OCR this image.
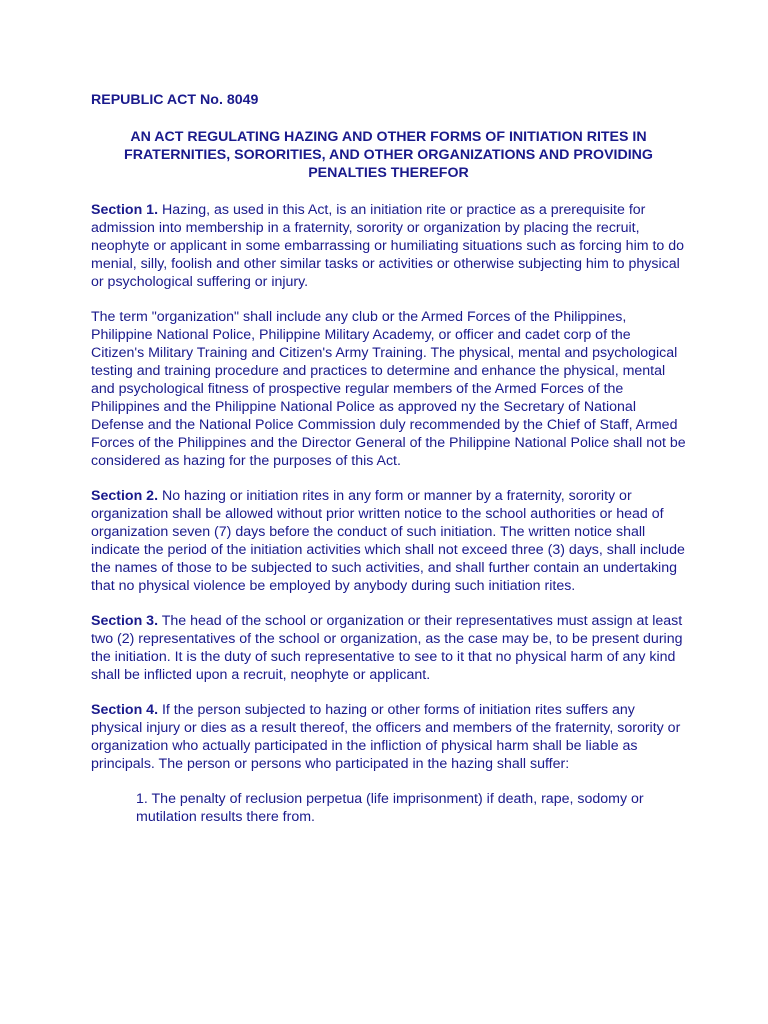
REPUBLIC ACT No. 8049
AN ACT REGULATING HAZING AND OTHER FORMS OF INITIATION RITES IN FRATERNITIES, SORORITIES, AND OTHER ORGANIZATIONS AND PROVIDING PENALTIES THEREFOR
Section 1. Hazing, as used in this Act, is an initiation rite or practice as a prerequisite for admission into membership in a fraternity, sorority or organization by placing the recruit, neophyte or applicant in some embarrassing or humiliating situations such as forcing him to do menial, silly, foolish and other similar tasks or activities or otherwise subjecting him to physical or psychological suffering or injury.
The term "organization" shall include any club or the Armed Forces of the Philippines, Philippine National Police, Philippine Military Academy, or officer and cadet corp of the Citizen's Military Training and Citizen's Army Training. The physical, mental and psychological testing and training procedure and practices to determine and enhance the physical, mental and psychological fitness of prospective regular members of the Armed Forces of the Philippines and the Philippine National Police as approved ny the Secretary of National Defense and the National Police Commission duly recommended by the Chief of Staff, Armed Forces of the Philippines and the Director General of the Philippine National Police shall not be considered as hazing for the purposes of this Act.
Section 2. No hazing or initiation rites in any form or manner by a fraternity, sorority or organization shall be allowed without prior written notice to the school authorities or head of organization seven (7) days before the conduct of such initiation. The written notice shall indicate the period of the initiation activities which shall not exceed three (3) days, shall include the names of those to be subjected to such activities, and shall further contain an undertaking that no physical violence be employed by anybody during such initiation rites.
Section 3. The head of the school or organization or their representatives must assign at least two (2) representatives of the school or organization, as the case may be, to be present during the initiation. It is the duty of such representative to see to it that no physical harm of any kind shall be inflicted upon a recruit, neophyte or applicant.
Section 4. If the person subjected to hazing or other forms of initiation rites suffers any physical injury or dies as a result thereof, the officers and members of the fraternity, sorority or organization who actually participated in the infliction of physical harm shall be liable as principals. The person or persons who participated in the hazing shall suffer:
1. The penalty of reclusion perpetua (life imprisonment) if death, rape, sodomy or mutilation results there from.
